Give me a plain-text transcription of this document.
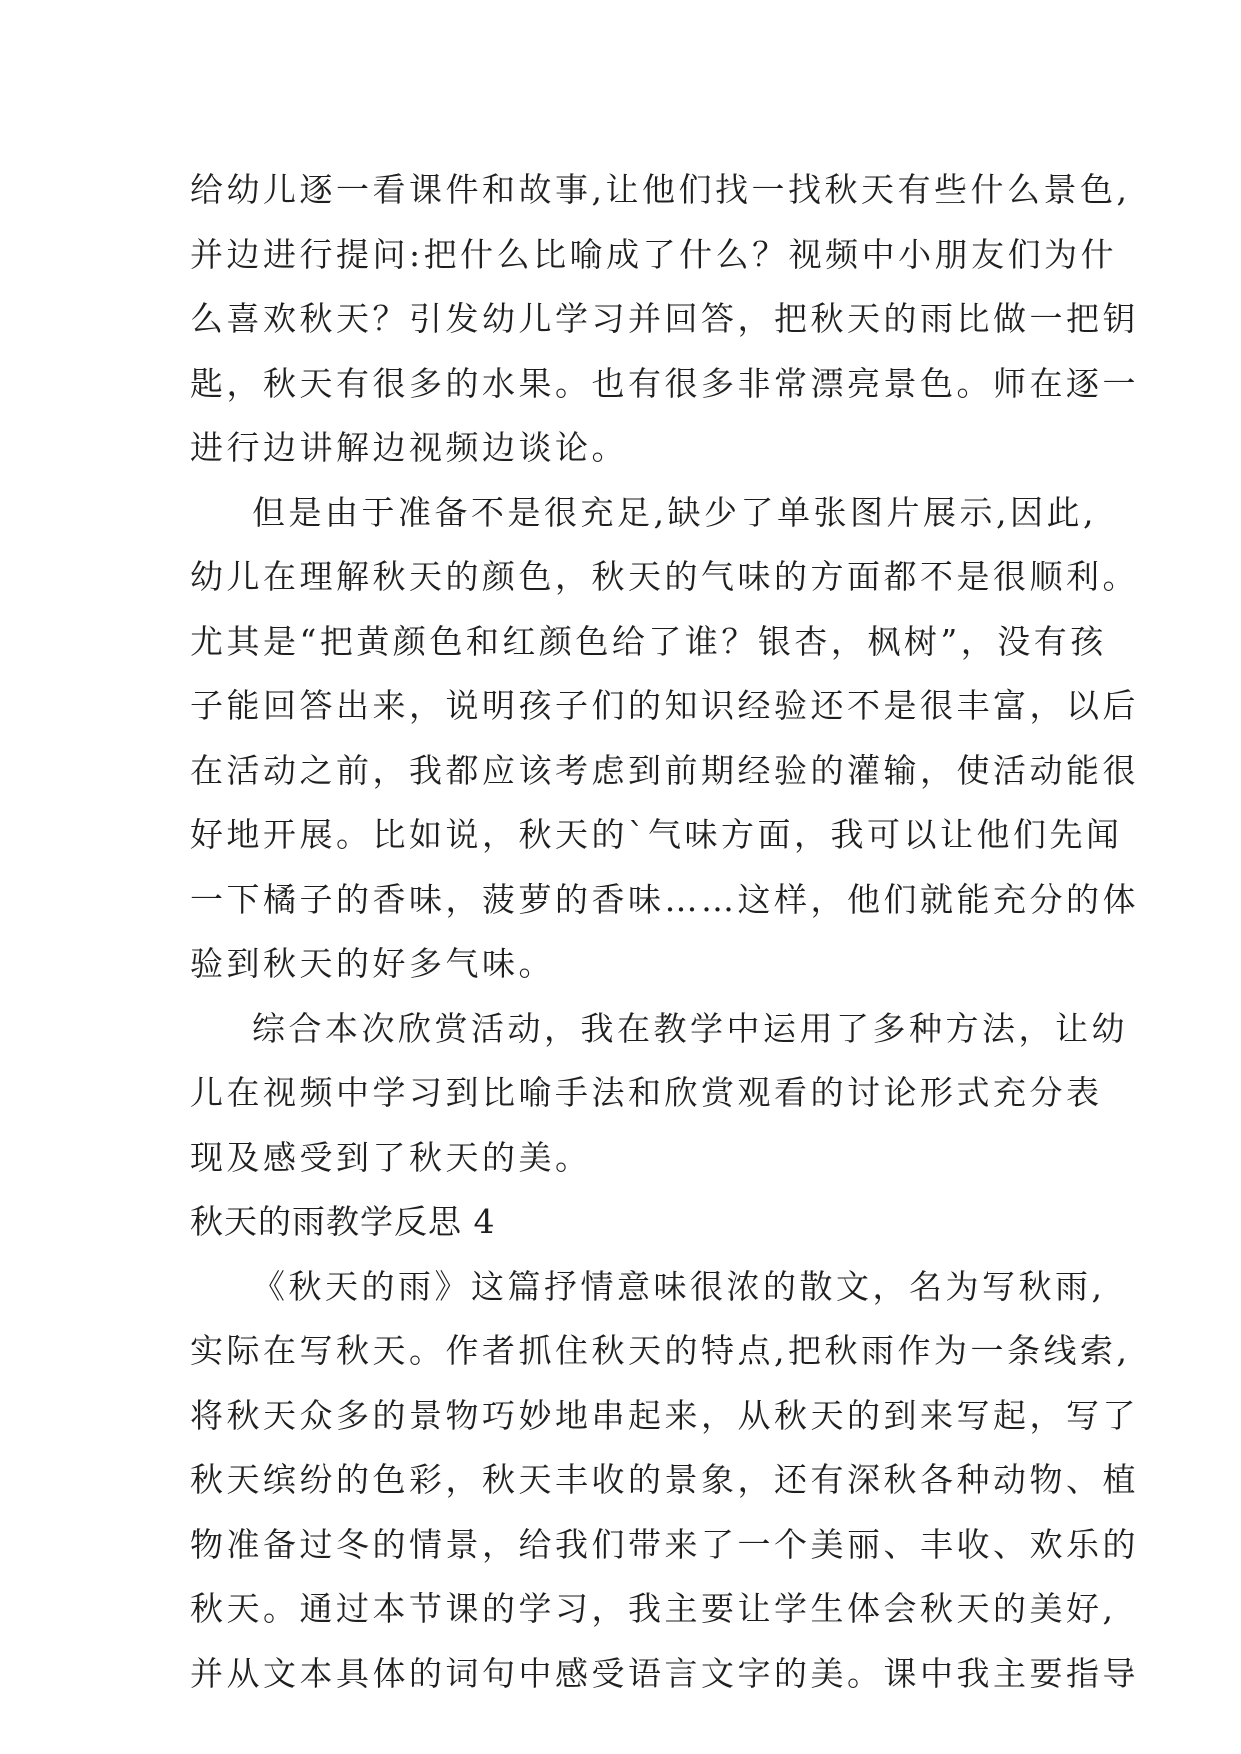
给幼儿逐一看课件和故事,让他们找一找秋天有些什么景色,
并边进行提问:把什么比喻成了什么？视频中小朋友们为什
么喜欢秋天？引发幼儿学习并回答，把秋天的雨比做一把钥
匙，秋天有很多的水果。也有很多非常漂亮景色。师在逐一
进行边讲解边视频边谈论。
但是由于准备不是很充足,缺少了单张图片展示,因此,
幼儿在理解秋天的颜色，秋天的气味的方面都不是很顺利。
尤其是“把黄颜色和红颜色给了谁？银杏，枫树”，没有孩
子能回答出来，说明孩子们的知识经验还不是很丰富，以后
在活动之前，我都应该考虑到前期经验的灌输，使活动能很
好地开展。比如说，秋天的`气味方面，我可以让他们先闻
一下橘子的香味，菠萝的香味……这样，他们就能充分的体
验到秋天的好多气味。
综合本次欣赏活动，我在教学中运用了多种方法，让幼
儿在视频中学习到比喻手法和欣赏观看的讨论形式充分表
现及感受到了秋天的美。
秋天的雨教学反思 4
《秋天的雨》这篇抒情意味很浓的散文，名为写秋雨,
实际在写秋天。作者抓住秋天的特点,把秋雨作为一条线索,
将秋天众多的景物巧妙地串起来，从秋天的到来写起，写了
秋天缤纷的色彩，秋天丰收的景象，还有深秋各种动物、植
物准备过冬的情景，给我们带来了一个美丽、丰收、欢乐的
秋天。通过本节课的学习，我主要让学生体会秋天的美好,
并从文本具体的词句中感受语言文字的美。课中我主要指导
